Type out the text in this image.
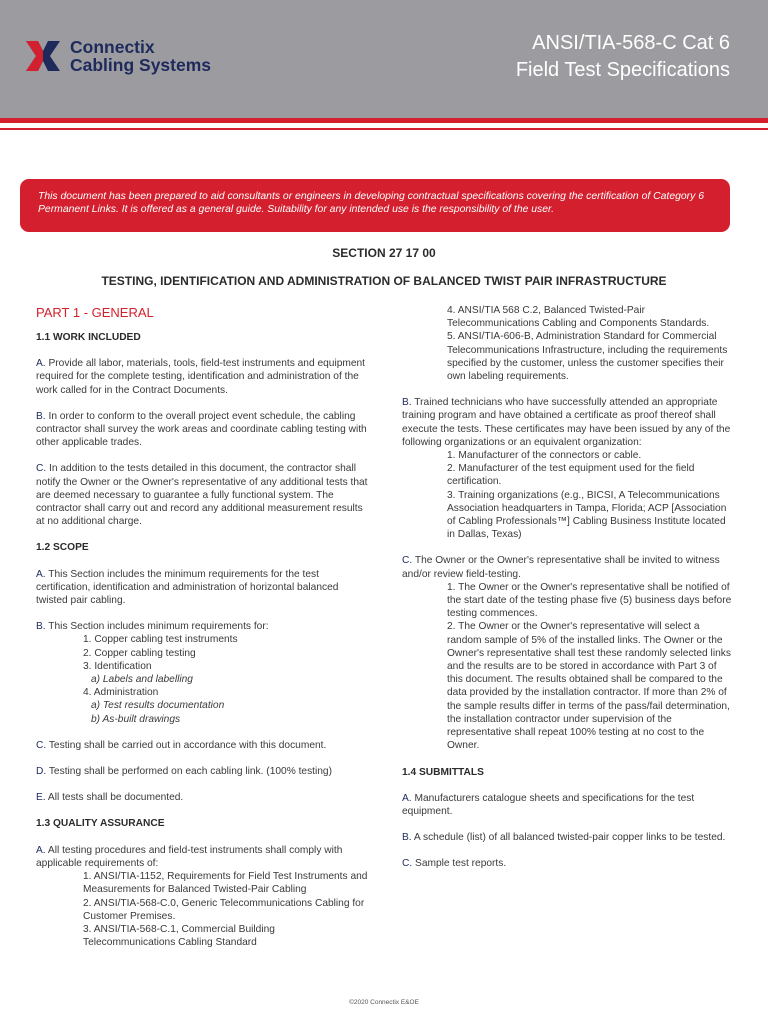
Connectix
Cabling Systems
ANSI/TIA-568-C Cat 6
Field Test Specifications
This document has been prepared to aid consultants or engineers in developing contractual specifications covering the certification of Category 6 Permanent Links. It is offered as a general guide. Suitability for any intended use is the responsibility of the user.
SECTION 27 17 00
TESTING, IDENTIFICATION AND ADMINISTRATION OF BALANCED TWIST PAIR INFRASTRUCTURE
PART 1 - GENERAL
1.1 WORK INCLUDED

A. Provide all labor, materials, tools, field-test instruments and equipment required for the complete testing, identification and administration of the work called for in the Contract Documents.

B. In order to conform to the overall project event schedule, the cabling contractor shall survey the work areas and coordinate cabling testing with other applicable trades.

C. In addition to the tests detailed in this document, the contractor shall notify the Owner or the Owner's representative of any additional tests that are deemed necessary to guarantee a fully functional system. The contractor shall carry out and record any additional measurement results at no additional charge.

1.2 SCOPE

A. This Section includes the minimum requirements for the test certification, identification and administration of horizontal balanced twisted pair cabling.

B. This Section includes minimum requirements for:
1. Copper cabling test instruments
2. Copper cabling testing
3. Identification
a) Labels and labelling
4. Administration
a) Test results documentation
b) As-built drawings

C. Testing shall be carried out in accordance with this document.

D. Testing shall be performed on each cabling link. (100% testing)

E. All tests shall be documented.

1.3 QUALITY ASSURANCE

A. All testing procedures and field-test instruments shall comply with applicable requirements of:

1. ANSI/TIA-1152, Requirements for Field Test Instruments and Measurements for Balanced Twisted-Pair Cabling
2. ANSI/TIA-568-C.0, Generic Telecommunications Cabling for Customer Premises.
3. ANSI/TIA-568-C.1, Commercial Building Telecommunications Cabling Standard
4. ANSI/TIA 568 C.2, Balanced Twisted-Pair Telecommunications Cabling and Components Standards.
5. ANSI/TIA-606-B, Administration Standard for Commercial Telecommunications Infrastructure, including the requirements specified by the customer, unless the customer specifies their own labeling requirements.

B. Trained technicians who have successfully attended an appropriate training program and have obtained a certificate as proof thereof shall execute the tests. These certificates may have been issued by any of the following organizations or an equivalent organization:

1. Manufacturer of the connectors or cable.
2. Manufacturer of the test equipment used for the field certification.
3. Training organizations (e.g., BICSI, A Telecommunications Association headquarters in Tampa, Florida; ACP [Association of Cabling Professionals™] Cabling Business Institute located in Dallas, Texas)

C. The Owner or the Owner's representative shall be invited to witness and/or review field-testing.

1. The Owner or the Owner's representative shall be notified of the start date of the testing phase five (5) business days before testing commences.
2. The Owner or the Owner's representative will select a random sample of 5% of the installed links. The Owner or the Owner's representative shall test these randomly selected links and the results are to be stored in accordance with Part 3 of this document. The results obtained shall be compared to the data provided by the installation contractor. If more than 2% of the sample results differ in terms of the pass/fail determination, the installation contractor under supervision of the representative shall repeat 100% testing at no cost to the Owner.
1.4 SUBMITTALS

A. Manufacturers catalogue sheets and specifications for the test equipment.

B. A schedule (list) of all balanced twisted-pair copper links to be tested.

C. Sample test reports.

©2020 Connectix E&OE
